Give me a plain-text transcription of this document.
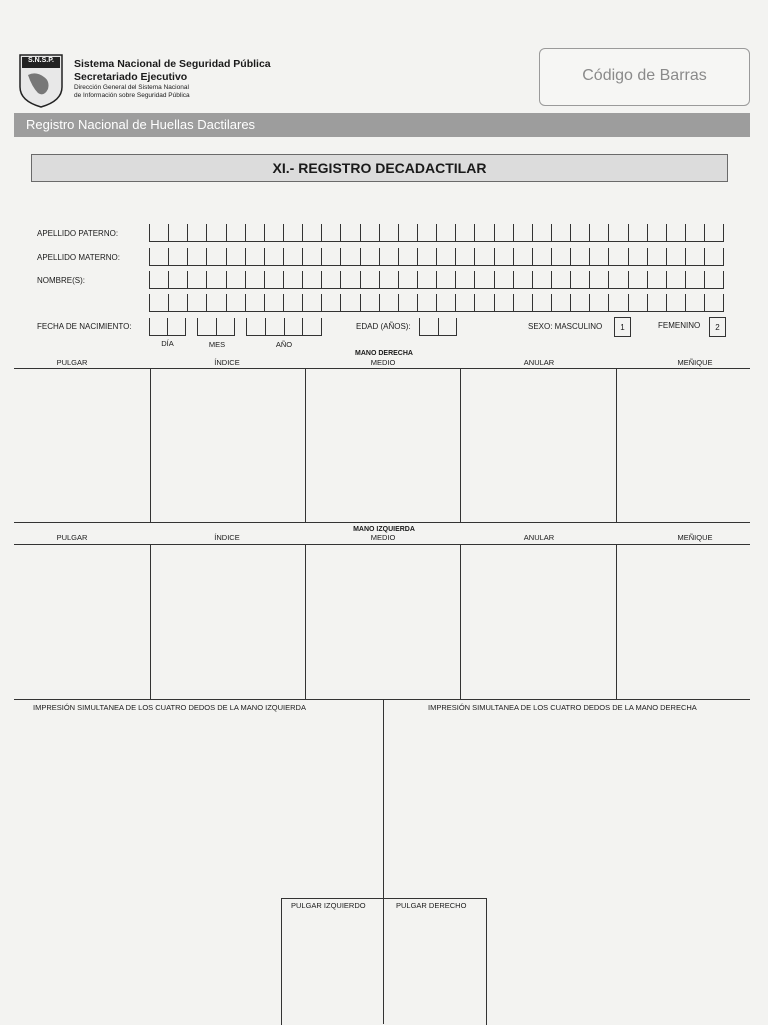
S.N.S.P.	Sistema Nacional de Seguridad Pública
Secretariado Ejecutivo
Dirección General del Sistema Nacional
de Información sobre Seguridad Pública
Código de Barras
Registro Nacional de Huellas Dactilares
XI.- REGISTRO DECADACTILAR
APELLIDO PATERNO:
APELLIDO MATERNO:
NOMBRE(S):
FECHA DE NACIMIENTO:
DÍA	MES	AÑO
EDAD (AÑOS):	SEXO: MASCULINO	1	FEMENINO	2
MANO DERECHA
PULGAR	ÍNDICE	MEDIO	ANULAR	MEÑIQUE
MANO IZQUIERDA
PULGAR	ÍNDICE	MEDIO	ANULAR	MEÑIQUE
IMPRESIÓN SIMULTANEA DE LOS CUATRO DEDOS DE LA MANO IZQUIERDA	IMPRESIÓN SIMULTANEA DE LOS CUATRO DEDOS DE LA MANO DERECHA
PULGAR IZQUIERDO	PULGAR DERECHO
